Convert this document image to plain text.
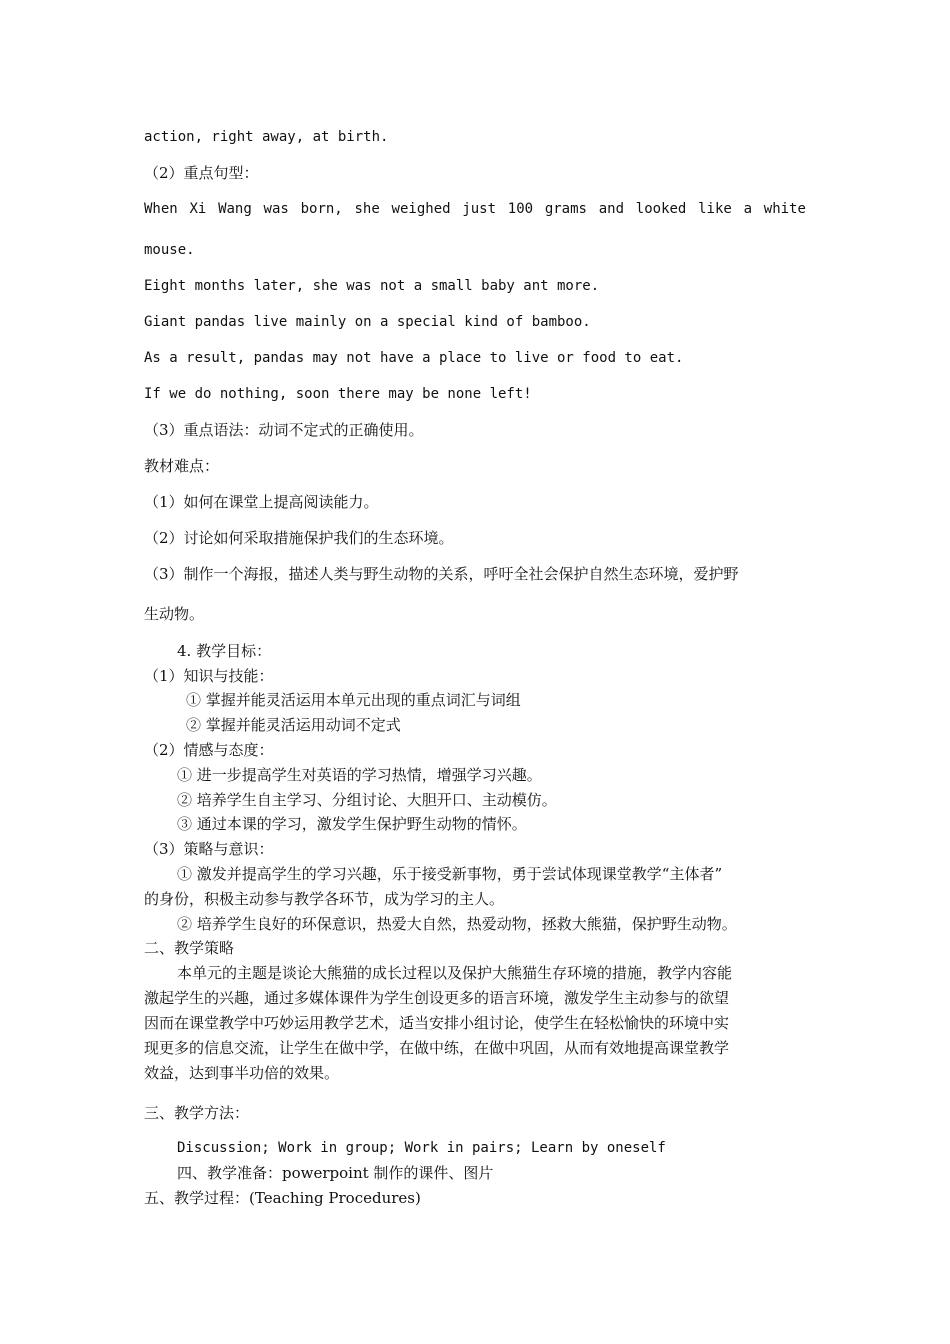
action, right away, at birth.
（2）重点句型：
When Xi Wang was born, she weighed just 100 grams and looked like a white
mouse.
Eight months later, she was not a small baby ant more.
Giant pandas live mainly on a special kind of bamboo.
As a result, pandas may not have a place to live or food to eat.
If we do nothing, soon there may be none left!
（3）重点语法：动词不定式的正确使用。
教材难点：
（1）如何在课堂上提高阅读能力。
（2）讨论如何采取措施保护我们的生态环境。
（3）制作一个海报，描述人类与野生动物的关系，呼吁全社会保护自然生态环境，爱护野
生动物。
4. 教学目标：
（1）知识与技能：
① 掌握并能灵活运用本单元出现的重点词汇与词组
② 掌握并能灵活运用动词不定式
（2）情感与态度：
① 进一步提高学生对英语的学习热情，增强学习兴趣。
② 培养学生自主学习、分组讨论、大胆开口、主动模仿。
③ 通过本课的学习，激发学生保护野生动物的情怀。
（3）策略与意识：
① 激发并提高学生的学习兴趣，乐于接受新事物，勇于尝试体现课堂教学“主体者”
的身份，积极主动参与教学各环节，成为学习的主人。
② 培养学生良好的环保意识，热爱大自然，热爱动物，拯救大熊猫，保护野生动物。
二、教学策略
本单元的主题是谈论大熊猫的成长过程以及保护大熊猫生存环境的措施，教学内容能
激起学生的兴趣，通过多媒体课件为学生创设更多的语言环境，激发学生主动参与的欲望
因而在课堂教学中巧妙运用教学艺术，适当安排小组讨论，使学生在轻松愉快的环境中实
现更多的信息交流，让学生在做中学，在做中练，在做中巩固，从而有效地提高课堂教学
效益，达到事半功倍的效果。
三、教学方法：
Discussion; Work in group; Work in pairs; Learn by oneself
四、教学准备：powerpoint 制作的课件、图片
五、教学过程：(Teaching Procedures)
